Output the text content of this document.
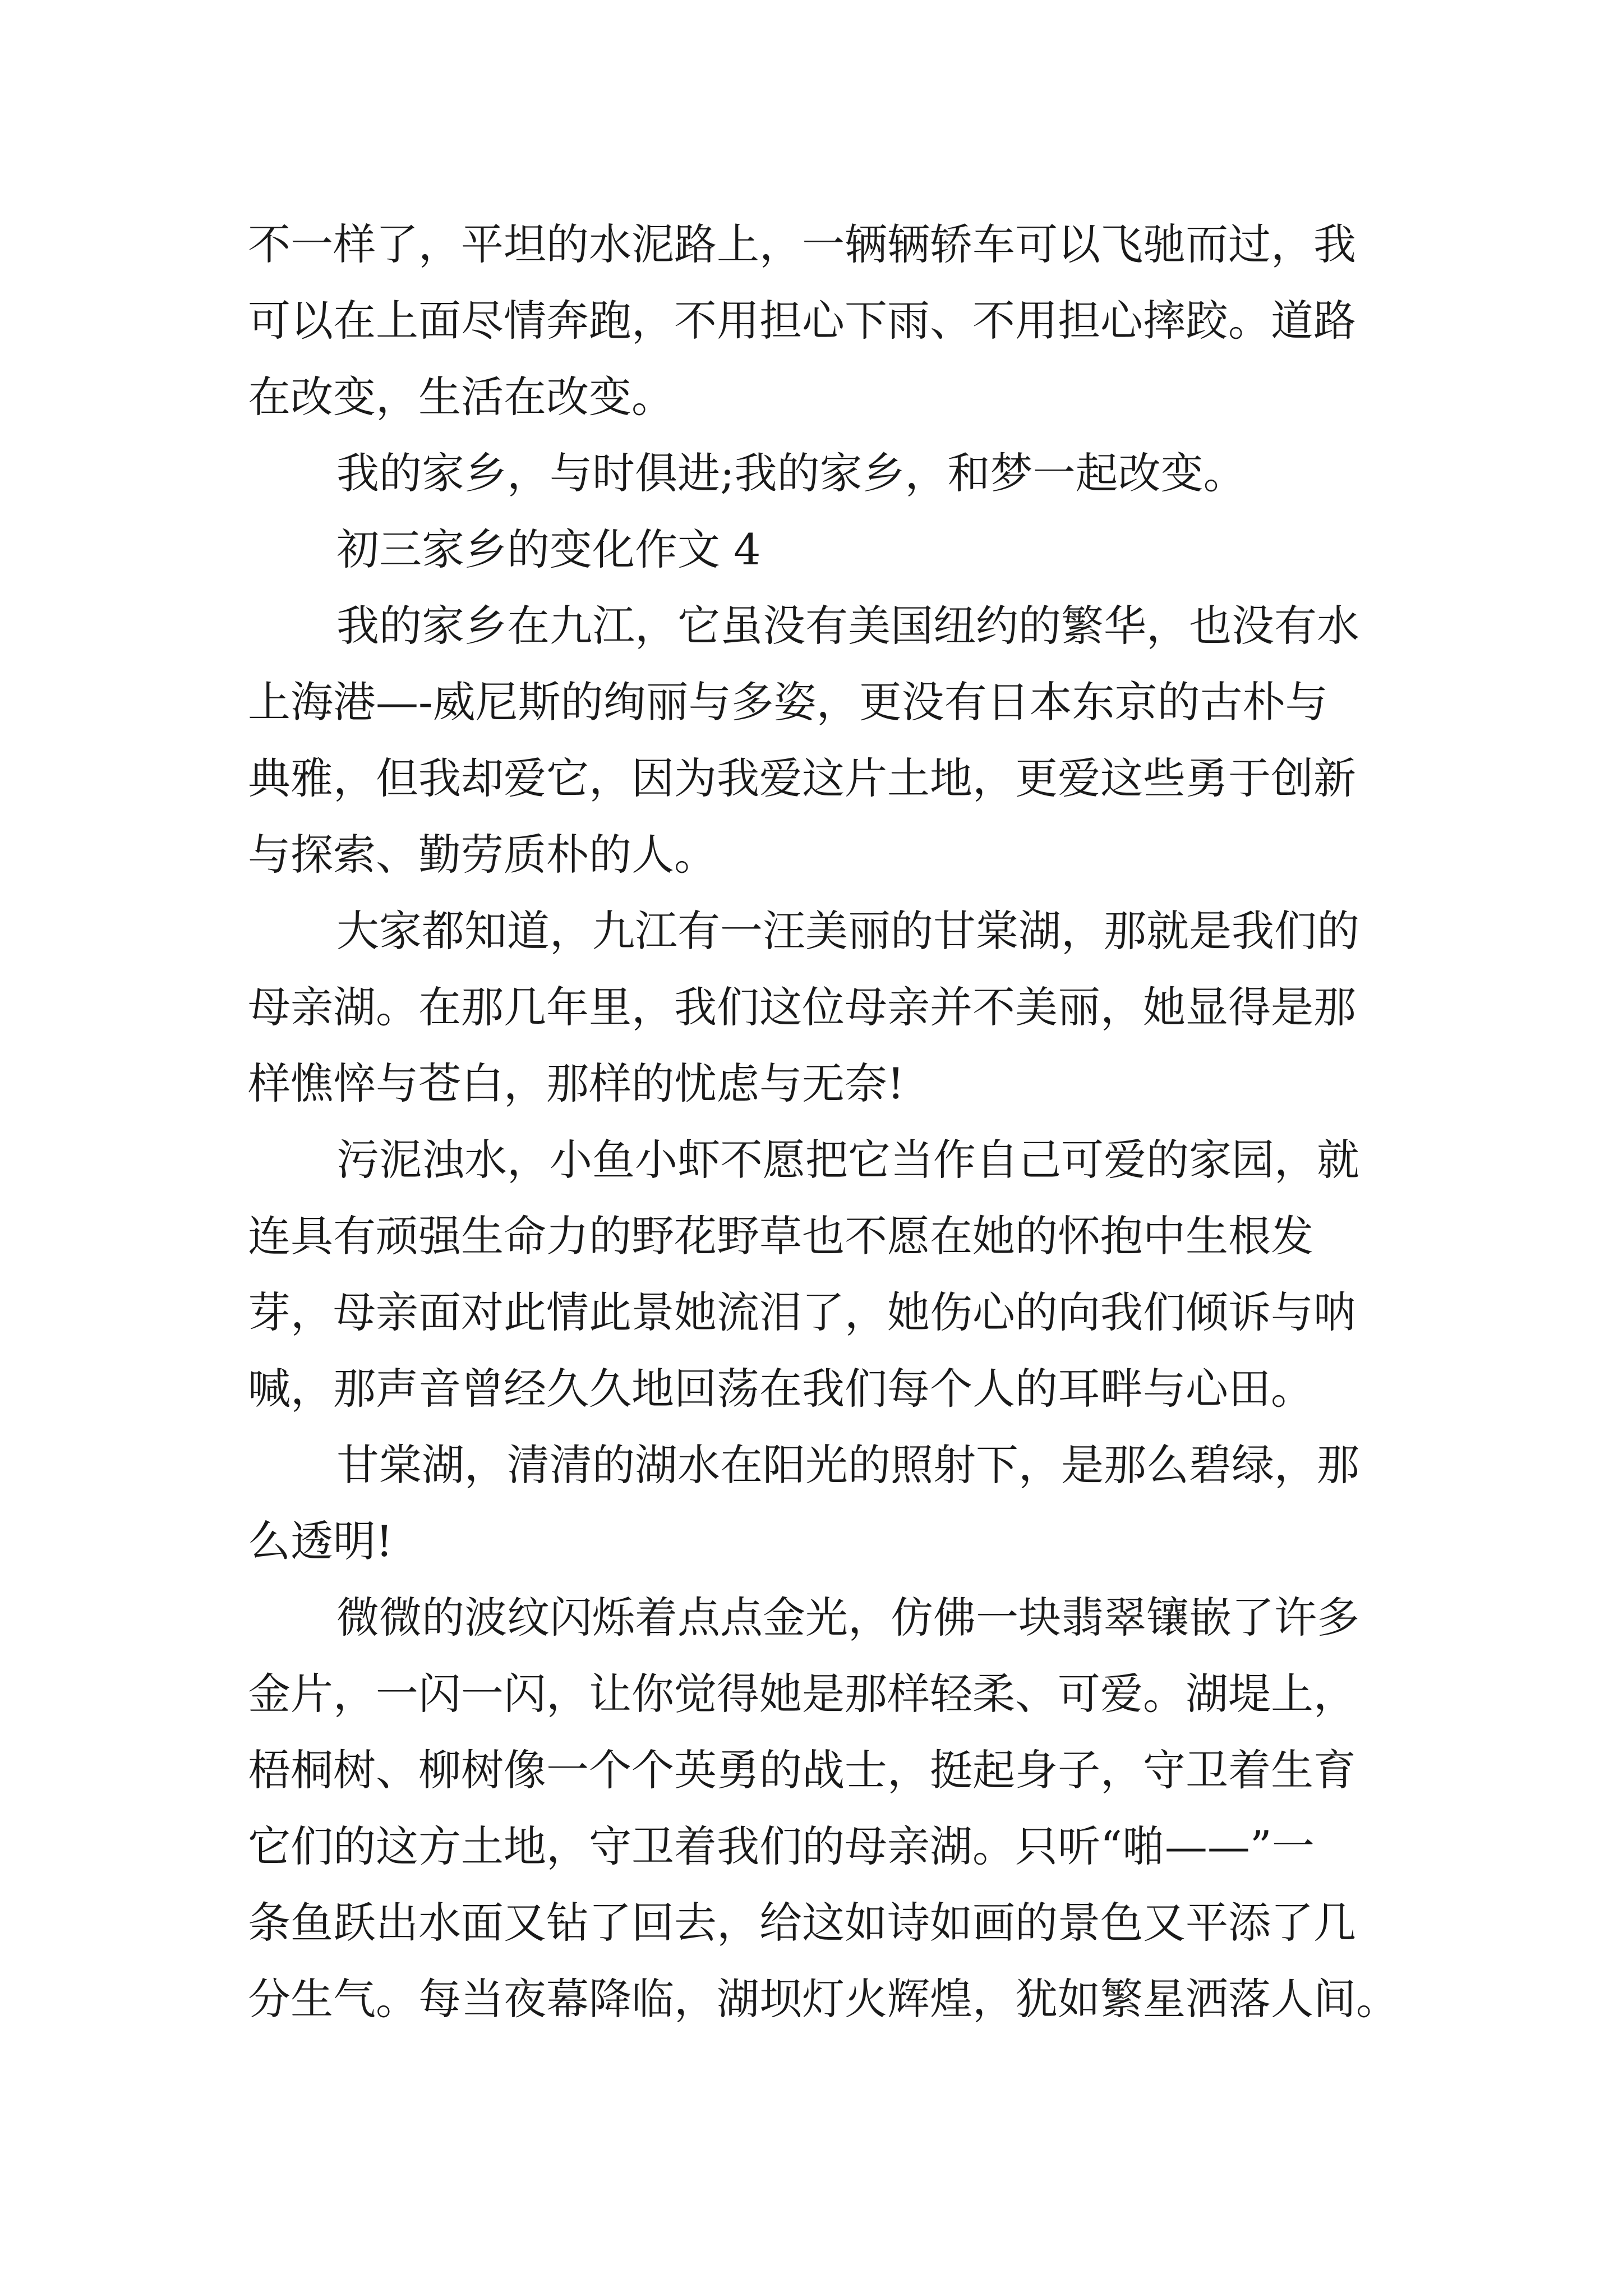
不一样了，平坦的水泥路上，一辆辆轿车可以飞驰而过，我
可以在上面尽情奔跑，不用担心下雨、不用担心摔跤。道路
在改变，生活在改变。
我的家乡，与时俱进;我的家乡，和梦一起改变。
初三家乡的变化作文 4
我的家乡在九江，它虽没有美国纽约的繁华，也没有水
上海港—-威尼斯的绚丽与多姿，更没有日本东京的古朴与
典雅，但我却爱它，因为我爱这片土地，更爱这些勇于创新
与探索、勤劳质朴的人。
大家都知道，九江有一汪美丽的甘棠湖，那就是我们的
母亲湖。在那几年里，我们这位母亲并不美丽，她显得是那
样憔悴与苍白，那样的忧虑与无奈!
污泥浊水，小鱼小虾不愿把它当作自己可爱的家园，就
连具有顽强生命力的野花野草也不愿在她的怀抱中生根发
芽，母亲面对此情此景她流泪了，她伤心的向我们倾诉与呐
喊，那声音曾经久久地回荡在我们每个人的耳畔与心田。
甘棠湖，清清的湖水在阳光的照射下，是那么碧绿，那
么透明!
微微的波纹闪烁着点点金光，仿佛一块翡翠镶嵌了许多
金片，一闪一闪，让你觉得她是那样轻柔、可爱。湖堤上，
梧桐树、柳树像一个个英勇的战士，挺起身子，守卫着生育
它们的这方土地，守卫着我们的母亲湖。只听“啪——”一
条鱼跃出水面又钻了回去，给这如诗如画的景色又平添了几
分生气。每当夜幕降临，湖坝灯火辉煌，犹如繁星洒落人间。
